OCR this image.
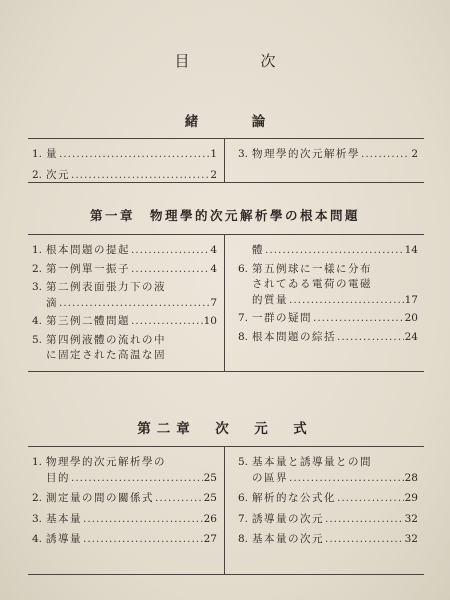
目　次
緒　論
1. 量 .....	1
2. 次元 .....	2
3. 物理學的次元解析學 .....	2
第一章　物理學的次元解析學の根本問題
1. 根本問題の提起 .....	4
2. 第一例單一振子 .....	4
3. 第二例表面張力下の液
滴 .....	7
4. 第三例二體問題 .....	10
5. 第四例液體の流れの中
に固定された高温な固
體 .....	14
6. 第五例球に一樣に分布
されてゐる電荷の電磁
的質量 .....	17
7. 一群の疑問 .....	20
8. 根本問題の綜括 .....	24
第二章　次　元　式
1. 物理學的次元解析學の
目的 .....	25
2. 測定量の間の關係式 .....	25
3. 基本量 .....	26
4. 誘導量 .....	27
5. 基本量と誘導量との間
の區界 .....	28
6. 解析的な公式化 .....	29
7. 誘導量の次元 .....	32
8. 基本量の次元 .....	32
